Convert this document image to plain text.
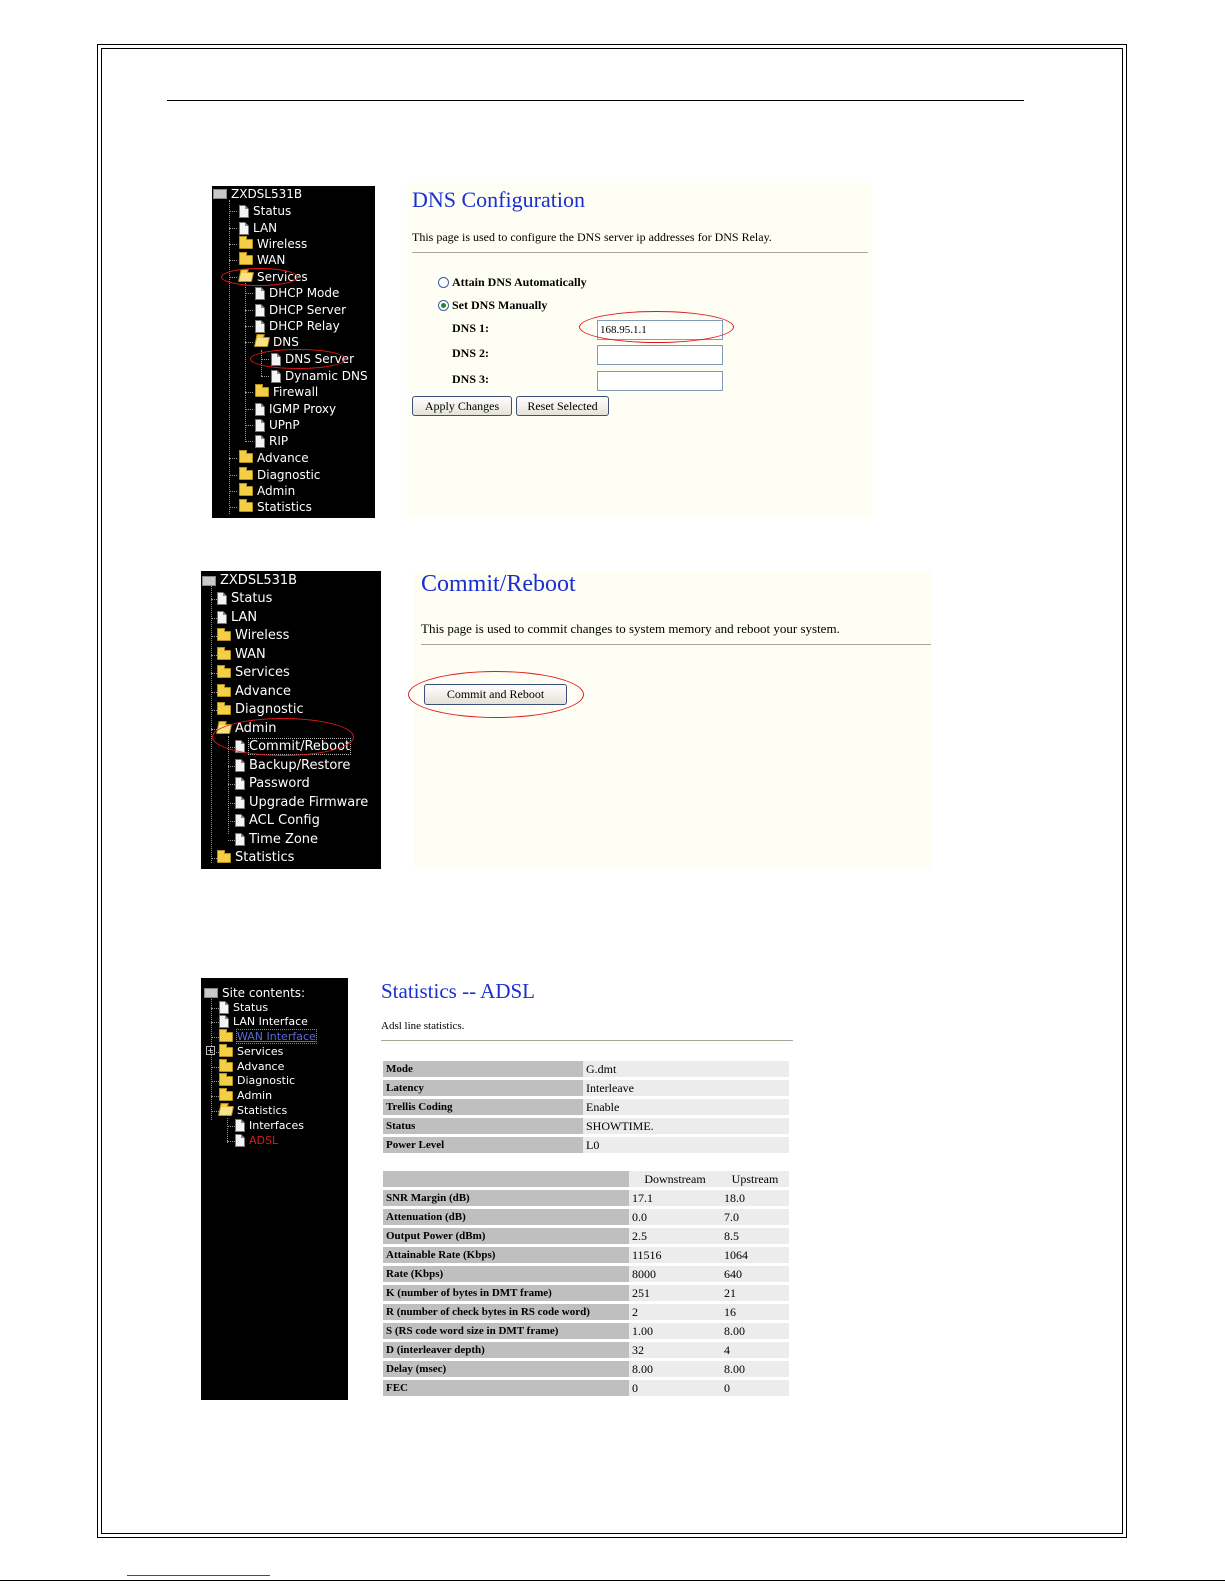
ZXDSL531B
Status
LAN
Wireless
WAN
Services
DHCP Mode
DHCP Server
DHCP Relay
DNS
DNS Server
Dynamic DNS
Firewall
IGMP Proxy
UPnP
RIP
Advance
Diagnostic
Admin
Statistics
DNS Configuration
This page is used to configure the DNS server ip addresses for DNS Relay.
Attain DNS Automatically
Set DNS Manually
DNS 1:
168.95.1.1
DNS 2:
DNS 3:
Apply Changes	Reset Selected
ZXDSL531B
Status
LAN
Wireless
WAN
Services
Advance
Diagnostic
Admin
Commit/Reboot
Backup/Restore
Password
Upgrade Firmware
ACL Config
Time Zone
Statistics
Commit/Reboot
This page is used to commit changes to system memory and reboot your system.
Commit and Reboot
Site contents:
Status
LAN Interface
WAN Interface
+ Services
Advance
Diagnostic
Admin
Statistics
Interfaces
ADSL
Statistics -- ADSL
Adsl line statistics.
Mode	G.dmt
Latency	Interleave
Trellis Coding	Enable
Status	SHOWTIME.
Power Level	L0
	Downstream	Upstream
SNR Margin (dB)	17.1	18.0
Attenuation (dB)	0.0	7.0
Output Power (dBm)	2.5	8.5
Attainable Rate (Kbps)	11516	1064
Rate (Kbps)	8000	640
K (number of bytes in DMT frame)	251	21
R (number of check bytes in RS code word)	2	16
S (RS code word size in DMT frame)	1.00	8.00
D (interleaver depth)	32	4
Delay (msec)	8.00	8.00
FEC	0	0
